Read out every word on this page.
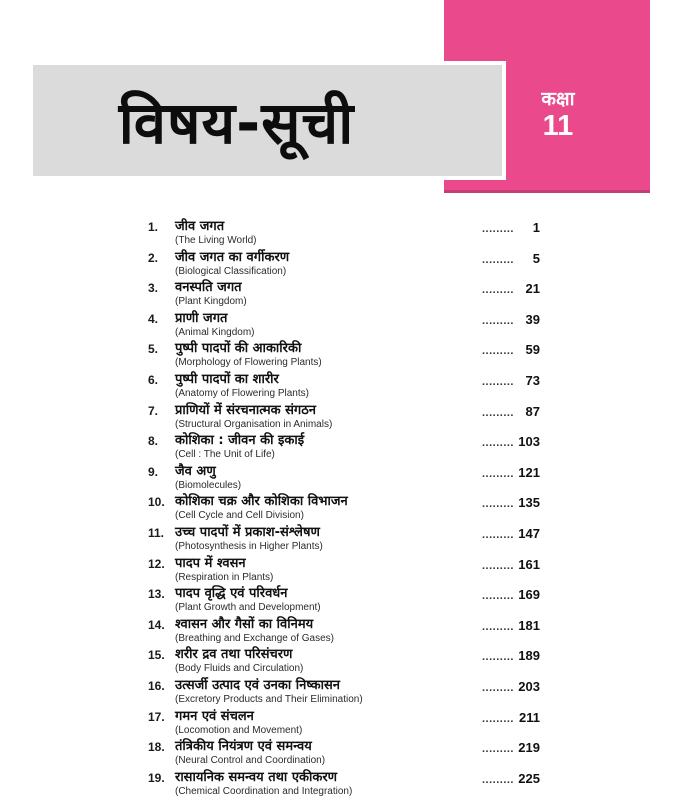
कक्षा
11
विषय-सूची
1.	जीव जगत
(The Living World)
.........	1
2.	जीव जगत का वर्गीकरण
(Biological Classification)
.........	5
3.	वनस्पति जगत
(Plant Kingdom)
......... 21
4.	प्राणी जगत
(Animal Kingdom)
......... 39
5.	पुष्पी पादपों की आकारिकी
(Morphology of Flowering Plants)
......... 59
6.	पुष्पी पादपों का शारीर
(Anatomy of Flowering Plants)
......... 73
7.	प्राणियों में संरचनात्मक संगठन
(Structural Organisation in Animals)
......... 87
8.	कोशिका : जीवन की इकाई
(Cell : The Unit of Life)
......... 103
9.	जैव अणु
(Biomolecules)
......... 121
10. कोशिका चक्र और कोशिका विभाजन
(Cell Cycle and Cell Division)
......... 135
11. उच्च पादपों में प्रकाश-संश्लेषण
(Photosynthesis in Higher Plants)
......... 147
12. पादप में श्वसन
(Respiration in Plants)
......... 161
13. पादप वृद्धि एवं परिवर्धन
(Plant Growth and Development)
......... 169
14. श्वासन और गैसों का विनिमय
(Breathing and Exchange of Gases)
......... 181
15. शरीर द्रव तथा परिसंचरण
(Body Fluids and Circulation)
......... 189
16. उत्सर्जी उत्पाद एवं उनका निष्कासन
(Excretory Products and Their Elimination)
......... 203
17. गमन एवं संचलन
(Locomotion and Movement)
......... 211
18. तंत्रिकीय नियंत्रण एवं समन्वय
(Neural Control and Coordination)
......... 219
19. रासायनिक समन्वय तथा एकीकरण
(Chemical Coordination and Integration)
......... 225
